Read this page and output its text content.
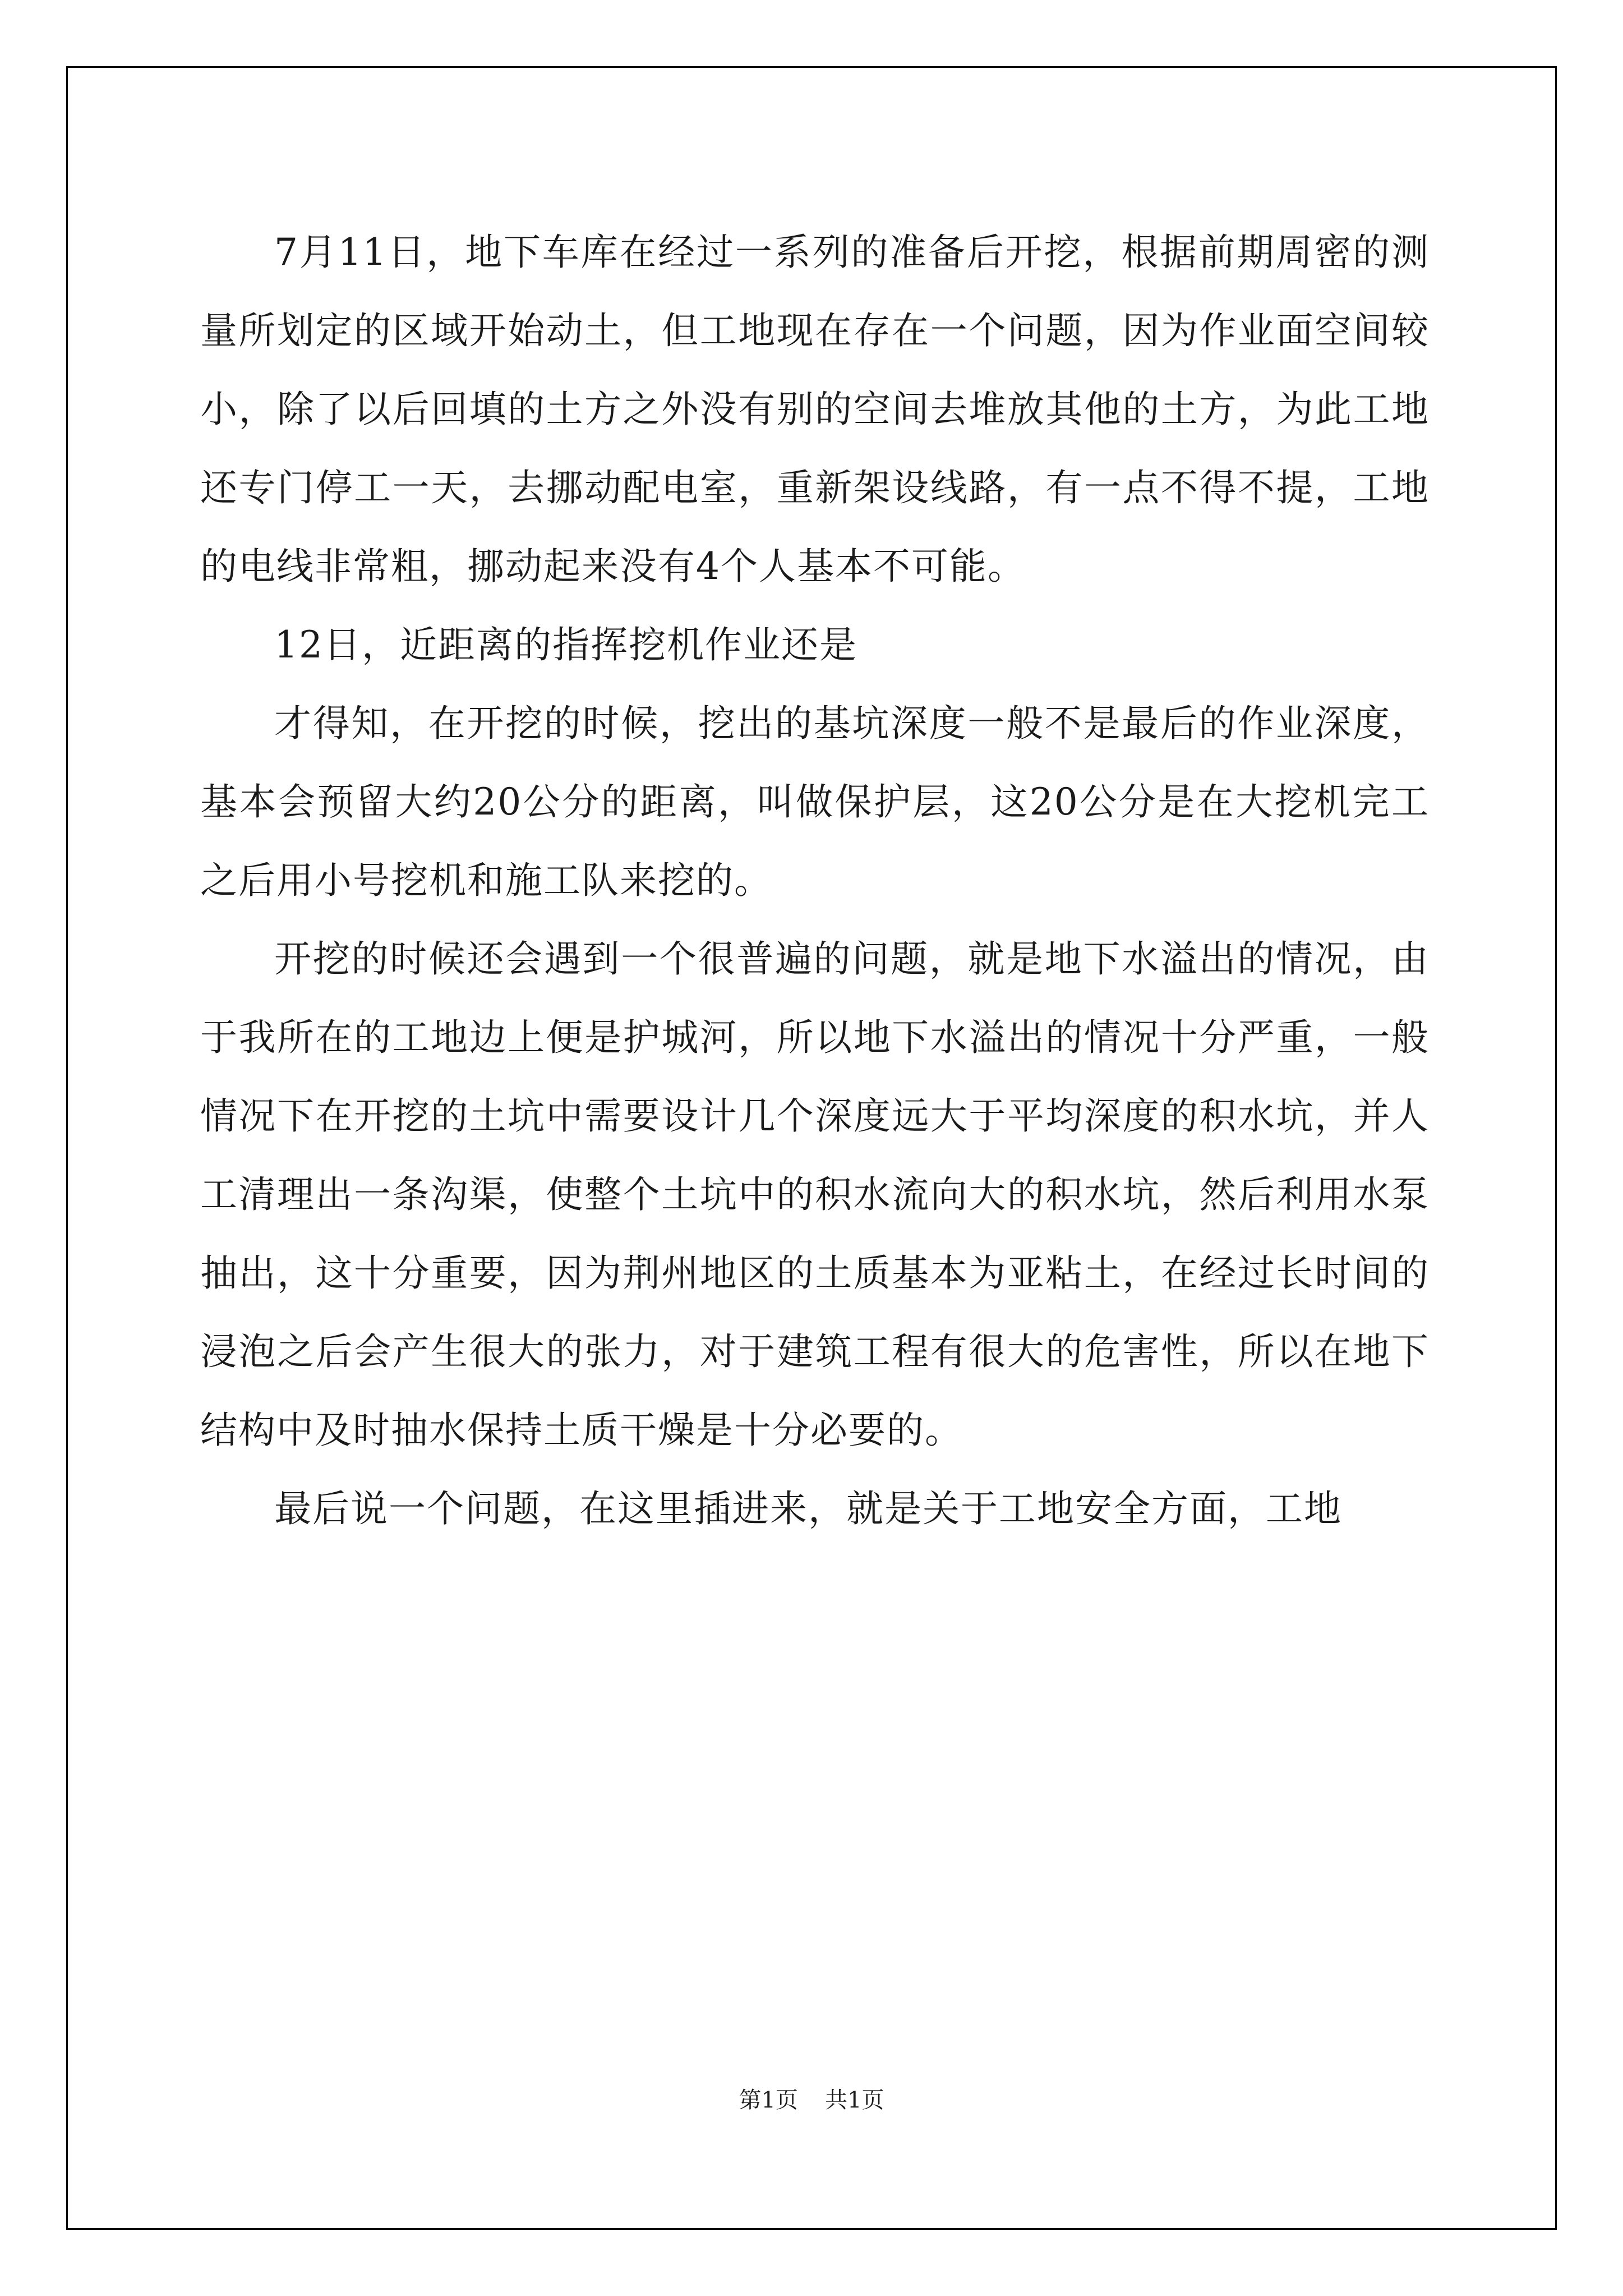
7月11日，地下车库在经过一系列的准备后开挖，根据前期周密的测量所划定的区域开始动土，但工地现在存在一个问题，因为作业面空间较小，除了以后回填的土方之外没有别的空间去堆放其他的土方，为此工地还专门停工一天，去挪动配电室，重新架设线路，有一点不得不提，工地的电线非常粗，挪动起来没有4个人基本不可能。

12日，近距离的指挥挖机作业还是

才得知，在开挖的时候，挖出的基坑深度一般不是最后的作业深度，基本会预留大约20公分的距离，叫做保护层，这20公分是在大挖机完工之后用小号挖机和施工队来挖的。

开挖的时候还会遇到一个很普遍的问题，就是地下水溢出的情况，由于我所在的工地边上便是护城河，所以地下水溢出的情况十分严重，一般情况下在开挖的土坑中需要设计几个深度远大于平均深度的积水坑，并人工清理出一条沟渠，使整个土坑中的积水流向大的积水坑，然后利用水泵抽出，这十分重要，因为荆州地区的土质基本为亚粘土，在经过长时间的浸泡之后会产生很大的张力，对于建筑工程有很大的危害性，所以在地下结构中及时抽水保持土质干燥是十分必要的。

最后说一个问题，在这里插进来，就是关于工地安全方面，工地

第1页 共1页
